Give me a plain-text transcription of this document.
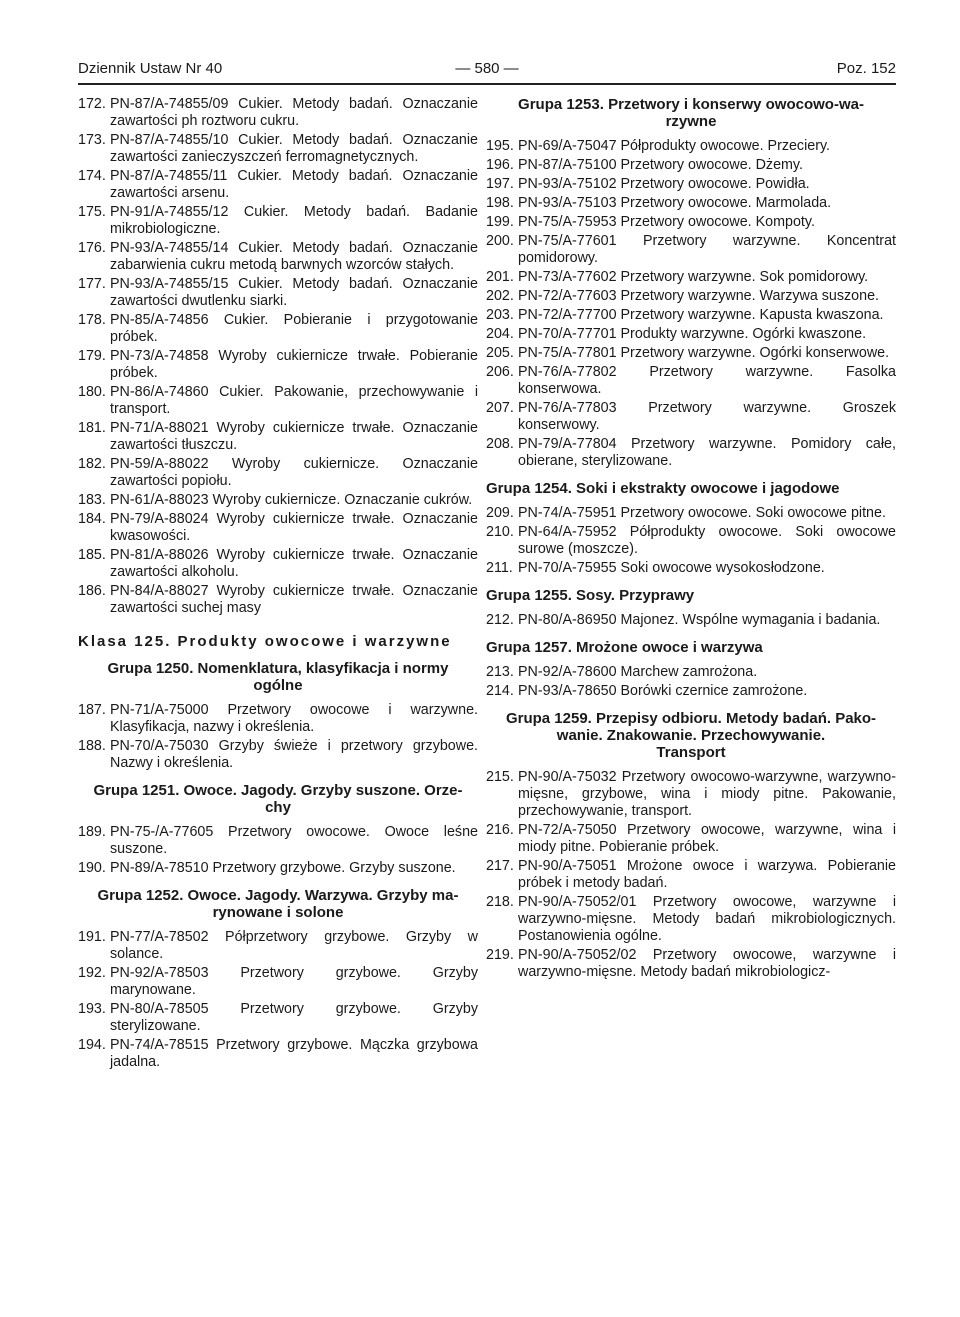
Dziennik Ustaw Nr 40	— 580 —	Poz. 152
172. PN-87/A-74855/09 Cukier. Metody badań. Oznaczanie zawartości ph roztworu cukru.
173. PN-87/A-74855/10 Cukier. Metody badań. Oznaczanie zawartości zanieczyszczeń ferromagnetycznych.
174. PN-87/A-74855/11 Cukier. Metody badań. Oznaczanie zawartości arsenu.
175. PN-91/A-74855/12 Cukier. Metody badań. Badanie mikrobiologiczne.
176. PN-93/A-74855/14 Cukier. Metody badań. Oznaczanie zabarwienia cukru metodą barwnych wzorców stałych.
177. PN-93/A-74855/15 Cukier. Metody badań. Oznaczanie zawartości dwutlenku siarki.
178. PN-85/A-74856 Cukier. Pobieranie i przygotowanie próbek.
179. PN-73/A-74858 Wyroby cukiernicze trwałe. Pobieranie próbek.
180. PN-86/A-74860 Cukier. Pakowanie, przechowywanie i transport.
181. PN-71/A-88021 Wyroby cukiernicze trwałe. Oznaczanie zawartości tłuszczu.
182. PN-59/A-88022 Wyroby cukiernicze. Oznaczanie zawartości popiołu.
183. PN-61/A-88023 Wyroby cukiernicze. Oznaczanie cukrów.
184. PN-79/A-88024 Wyroby cukiernicze trwałe. Oznaczanie kwasowości.
185. PN-81/A-88026 Wyroby cukiernicze trwałe. Oznaczanie zawartości alkoholu.
186. PN-84/A-88027 Wyroby cukiernicze trwałe. Oznaczanie zawartości suchej masy
Klasa 125. Produkty owocowe i warzywne
Grupa 1250. Nomenklatura, klasyfikacja i normy
ogólne
187. PN-71/A-75000 Przetwory owocowe i warzywne. Klasyfikacja, nazwy i określenia.
188. PN-70/A-75030 Grzyby świeże i przetwory grzybowe. Nazwy i określenia.
Grupa 1251. Owoce. Jagody. Grzyby suszone. Orze-
chy
189. PN-75-/A-77605 Przetwory owocowe. Owoce leśne suszone.
190. PN-89/A-78510 Przetwory grzybowe. Grzyby suszone.
Grupa 1252. Owoce. Jagody. Warzywa. Grzyby ma-
rynowane i solone
191. PN-77/A-78502 Półprzetwory grzybowe. Grzyby w solance.
192. PN-92/A-78503 Przetwory grzybowe. Grzyby marynowane.
193. PN-80/A-78505 Przetwory grzybowe. Grzyby sterylizowane.
194. PN-74/A-78515 Przetwory grzybowe. Mączka grzybowa jadalna.
Grupa 1253. Przetwory i konserwy owocowo-wa-
rzywne
195. PN-69/A-75047 Półprodukty owocowe. Przeciery.
196. PN-87/A-75100 Przetwory owocowe. Dżemy.
197. PN-93/A-75102 Przetwory owocowe. Powidła.
198. PN-93/A-75103 Przetwory owocowe. Marmolada.
199. PN-75/A-75953 Przetwory owocowe. Kompoty.
200. PN-75/A-77601 Przetwory warzywne. Koncentrat pomidorowy.
201. PN-73/A-77602 Przetwory warzywne. Sok pomidorowy.
202. PN-72/A-77603 Przetwory warzywne. Warzywa suszone.
203. PN-72/A-77700 Przetwory warzywne. Kapusta kwaszona.
204. PN-70/A-77701 Produkty warzywne. Ogórki kwaszone.
205. PN-75/A-77801 Przetwory warzywne. Ogórki konserwowe.
206. PN-76/A-77802 Przetwory warzywne. Fasolka konserwowa.
207. PN-76/A-77803 Przetwory warzywne. Groszek konserwowy.
208. PN-79/A-77804 Przetwory warzywne. Pomidory całe, obierane, sterylizowane.
Grupa 1254. Soki i ekstrakty owocowe i jagodowe
209. PN-74/A-75951 Przetwory owocowe. Soki owocowe pitne.
210. PN-64/A-75952 Półprodukty owocowe. Soki owocowe surowe (moszcze).
211. PN-70/A-75955 Soki owocowe wysokosłodzone.
Grupa 1255. Sosy. Przyprawy
212. PN-80/A-86950 Majonez. Wspólne wymagania i badania.
Grupa 1257. Mrożone owoce i warzywa
213. PN-92/A-78600 Marchew zamrożona.
214. PN-93/A-78650 Borówki czernice zamrożone.
Grupa 1259. Przepisy odbioru. Metody badań. Pako-
wanie. Znakowanie. Przechowywanie.
Transport
215. PN-90/A-75032 Przetwory owocowo-warzywne, warzywno-mięsne, grzybowe, wina i miody pitne. Pakowanie, przechowywanie, transport.
216. PN-72/A-75050 Przetwory owocowe, warzywne, wina i miody pitne. Pobieranie próbek.
217. PN-90/A-75051 Mrożone owoce i warzywa. Pobieranie próbek i metody badań.
218. PN-90/A-75052/01 Przetwory owocowe, warzywne i warzywno-mięsne. Metody badań mikrobiologicznych. Postanowienia ogólne.
219. PN-90/A-75052/02 Przetwory owocowe, warzywne i warzywno-mięsne. Metody badań mikrobiologicz-
